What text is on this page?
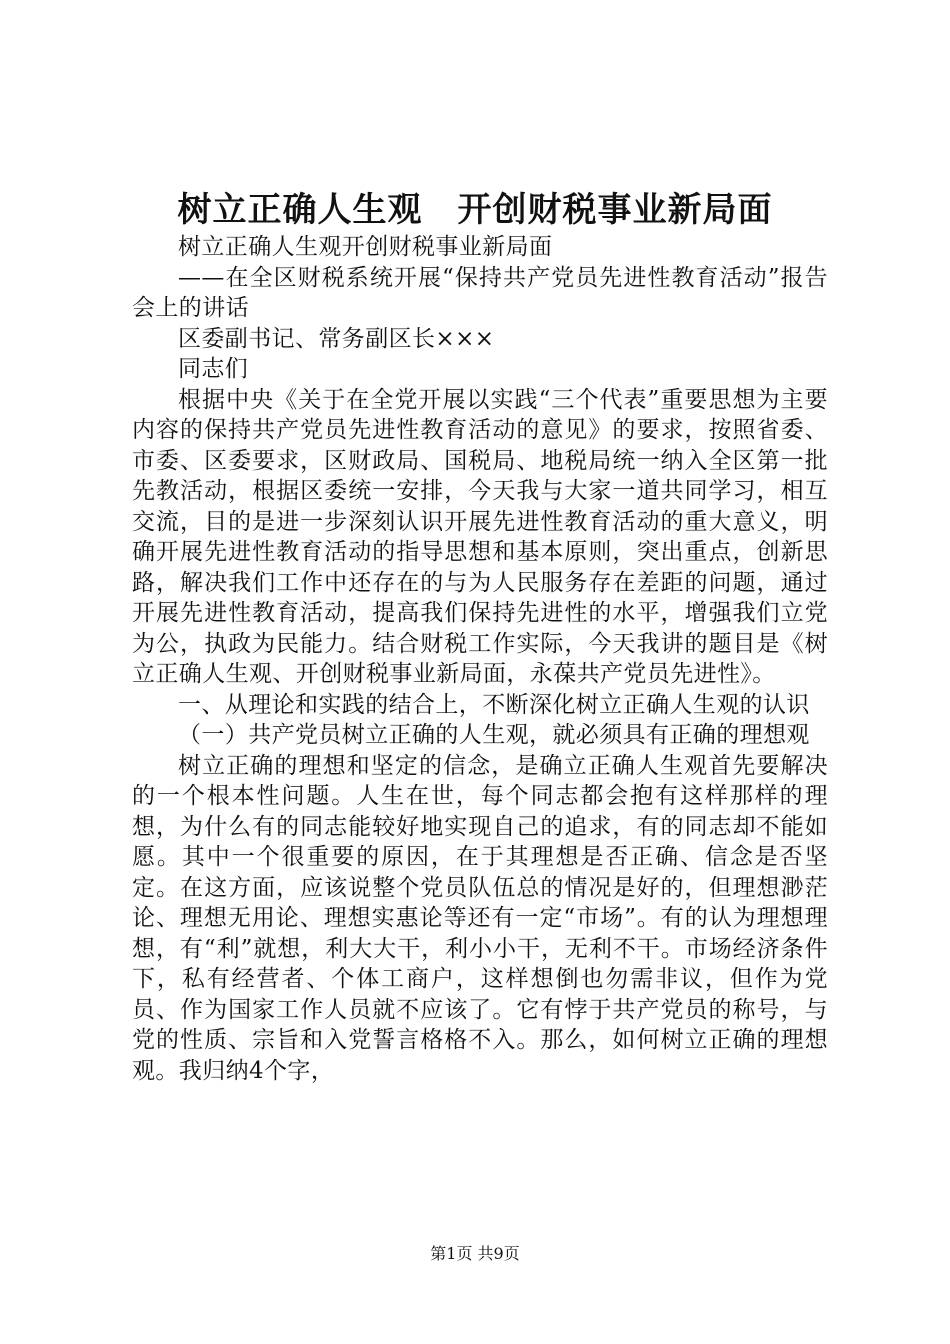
树立正确人生观　开创财税事业新局面

树立正确人生观开创财税事业新局面

——在全区财税系统开展“保持共产党员先进性教育活动”报告会上的讲话

区委副书记、常务副区长×××

同志们

根据中央《关于在全党开展以实践“三个代表”重要思想为主要内容的保持共产党员先进性教育活动的意见》的要求，按照省委、市委、区委要求，区财政局、国税局、地税局统一纳入全区第一批先教活动，根据区委统一安排，今天我与大家一道共同学习，相互交流，目的是进一步深刻认识开展先进性教育活动的重大意义，明确开展先进性教育活动的指导思想和基本原则，突出重点，创新思路，解决我们工作中还存在的与为人民服务存在差距的问题，通过开展先进性教育活动，提高我们保持先进性的水平，增强我们立党为公，执政为民能力。结合财税工作实际，今天我讲的题目是《树立正确人生观、开创财税事业新局面，永葆共产党员先进性》。

一、从理论和实践的结合上，不断深化树立正确人生观的认识

（一）共产党员树立正确的人生观，就必须具有正确的理想观

树立正确的理想和坚定的信念，是确立正确人生观首先要解决的一个根本性问题。人生在世，每个同志都会抱有这样那样的理想，为什么有的同志能较好地实现自己的追求，有的同志却不能如愿。其中一个很重要的原因，在于其理想是否正确、信念是否坚定。在这方面，应该说整个党员队伍总的情况是好的，但理想渺茫论、理想无用论、理想实惠论等还有一定“市场”。有的认为理想理想，有“利”就想，利大大干，利小小干，无利不干。市场经济条件下，私有经营者、个体工商户，这样想倒也勿需非议，但作为党员、作为国家工作人员就不应该了。它有悖于共产党员的称号，与党的性质、宗旨和入党誓言格格不入。那么，如何树立正确的理想观。我归纳4个字，

第1页 共9页
